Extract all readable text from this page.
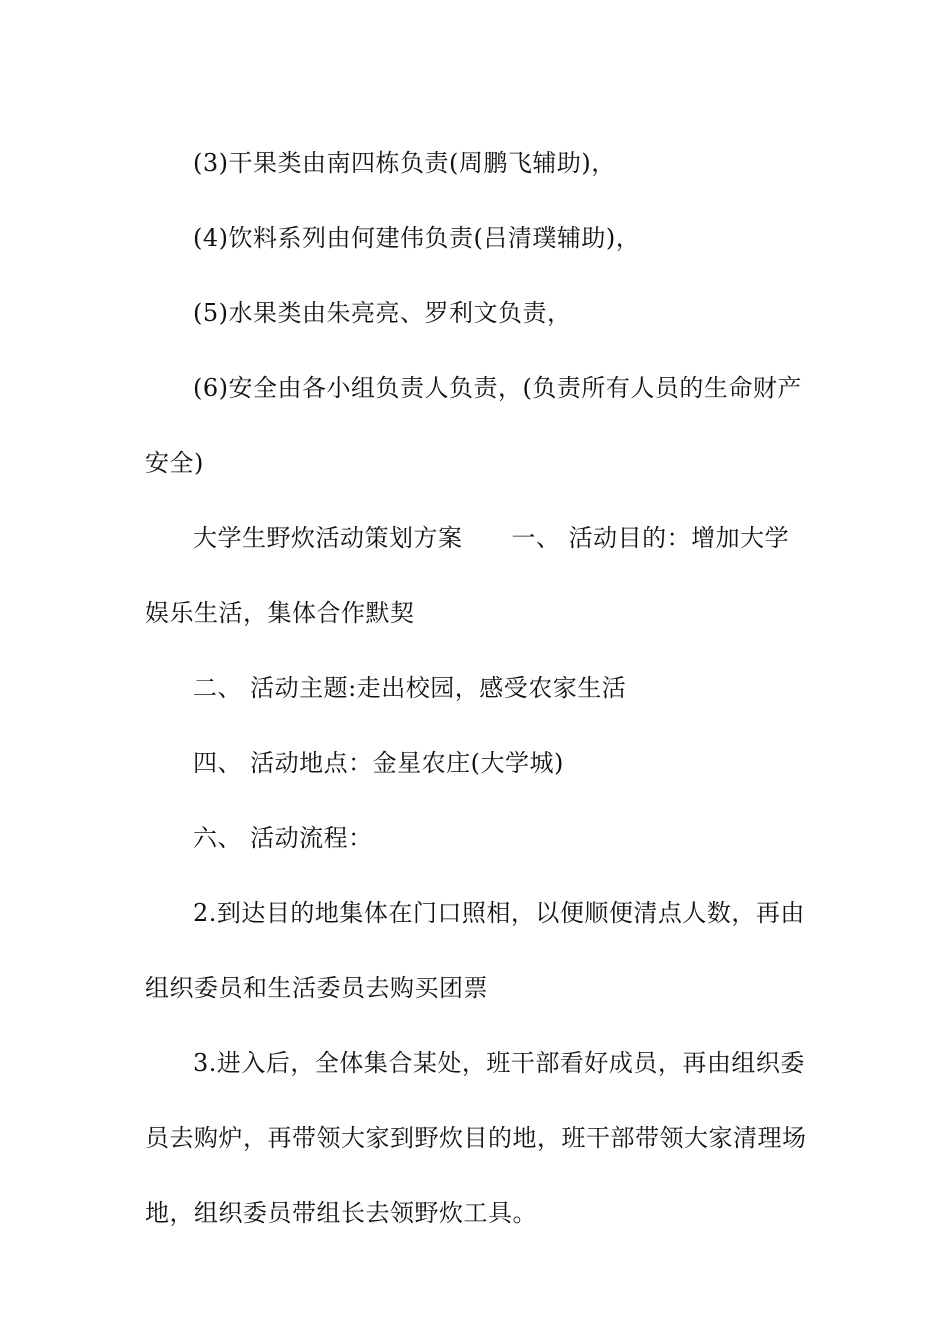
(3)干果类由南四栋负责(周鹏飞辅助)，

(4)饮料系列由何建伟负责(吕清璞辅助)，

(5)水果类由朱亮亮、罗利文负责，

(6)安全由各小组负责人负责，(负责所有人员的生命财产安全)

大学生野炊活动策划方案　　一、 活动目的：增加大学娱乐生活，集体合作默契

二、 活动主题:走出校园，感受农家生活

四、 活动地点：金星农庄(大学城)

六、 活动流程：

2.到达目的地集体在门口照相，以便顺便清点人数，再由组织委员和生活委员去购买团票

3.进入后，全体集合某处，班干部看好成员，再由组织委员去购炉，再带领大家到野炊目的地，班干部带领大家清理场地，组织委员带组长去领野炊工具。
